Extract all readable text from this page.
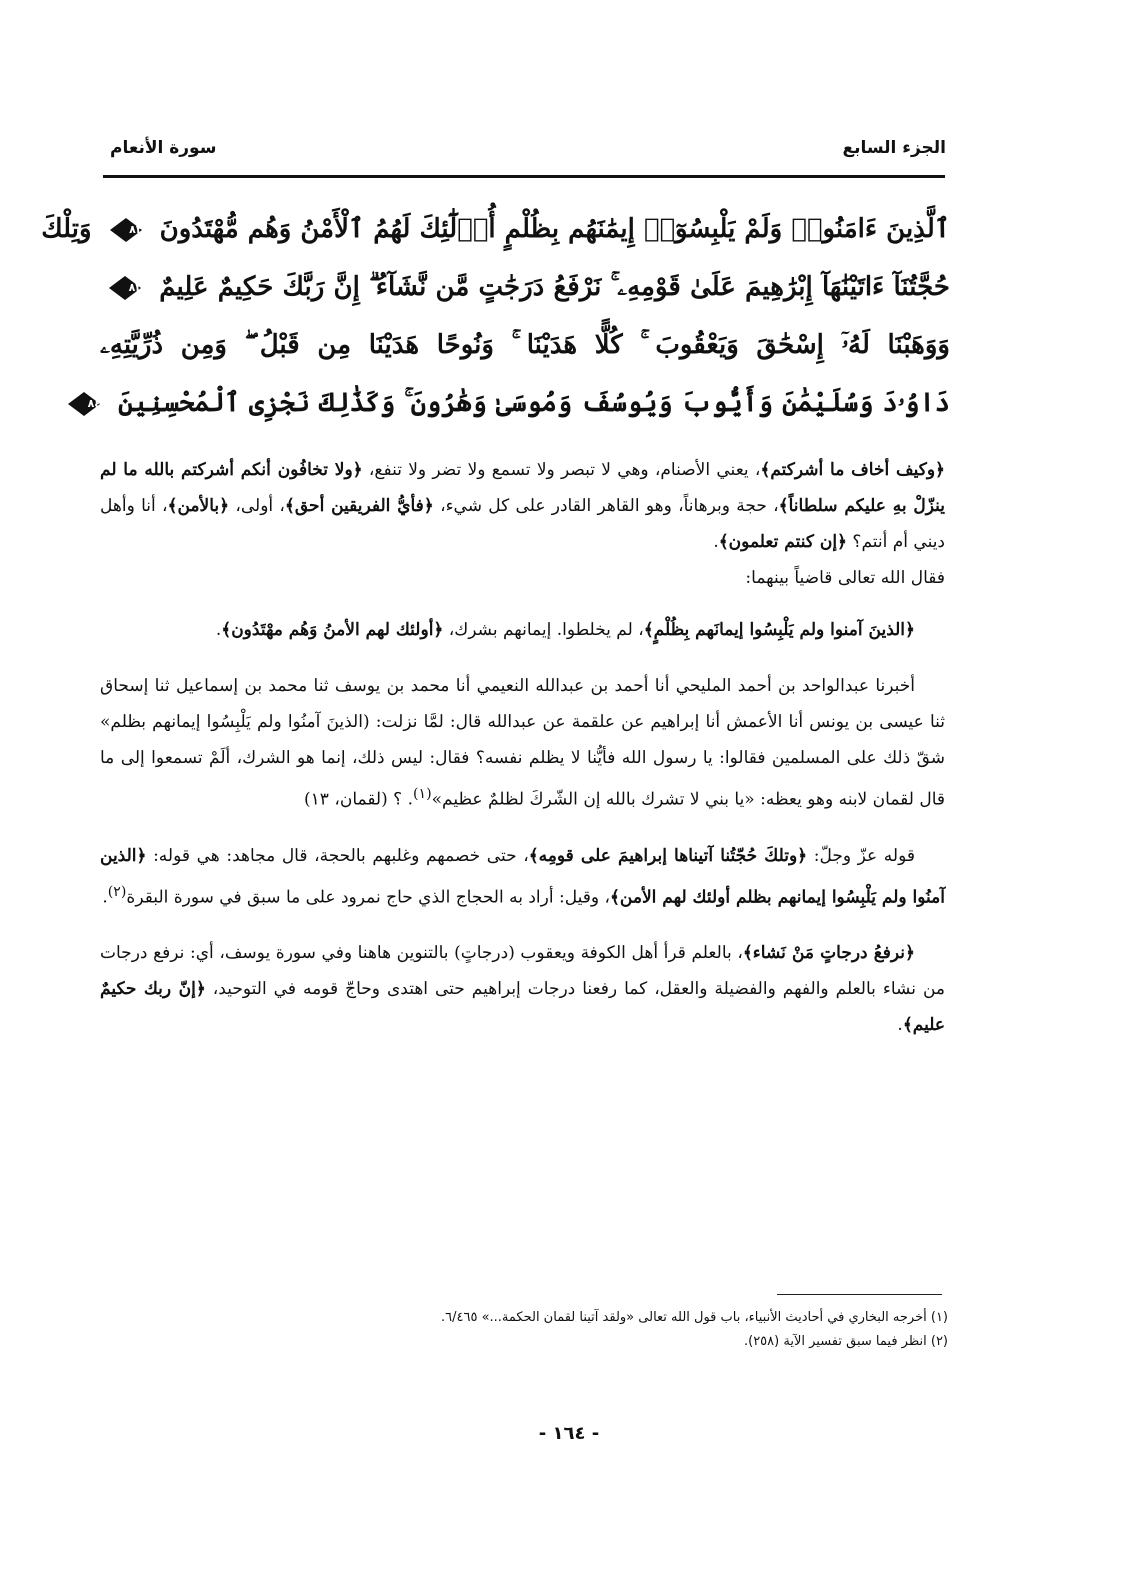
الجزء السابع
سورة الأنعام
ٱلَّذِينَ ءَامَنُوا۟ وَلَمْ يَلْبِسُوٓا۟ إِيمَٰنَهُم بِظُلْمٍ أُو۟لَٰٓئِكَ لَهُمُ ٱلْأَمْنُ وَهُم مُّهْتَدُونَ
٨٢
وَتِلْكَ
حُجَّتُنَآ ءَاتَيْنَٰهَآ إِبْرَٰهِيمَ عَلَىٰ قَوْمِهِۦ ۚ نَرْفَعُ دَرَجَٰتٍ مَّن نَّشَآءُ ۗ إِنَّ رَبَّكَ حَكِيمٌ عَلِيمٌ
٨٣
وَوَهَبْنَا لَهُۥٓ إِسْحَٰقَ وَيَعْقُوبَ ۚ كُلًّا هَدَيْنَا ۚ وَنُوحًا هَدَيْنَا مِن قَبْلُ ۖ وَمِن ذُرِّيَّتِهِۦ
دَاوُۥدَ وَسُلَيْمَٰنَ وَأَيُّوبَ وَيُوسُفَ وَمُوسَىٰ وَهَٰرُونَ ۚ وَكَذَٰلِكَ نَجْزِى ٱلْمُحْسِنِينَ
٨٤

﴿وكيف أخاف ما أشركتم﴾، يعني الأصنام، وهي لا تبصر ولا تسمع ولا تضر ولا تنفع، ﴿ولا تخافُون أنكم أشركتم بالله ما لم ينزّلْ بهِ عليكم سلطاناً﴾، حجة وبرهاناً، وهو القاهر القادر على كل شيء، ﴿فأيُّ الفريقين أحق﴾، أولى، ﴿بالأمن﴾، أنا وأهل ديني أم أنتم؟ ﴿إن كنتم تعلمون﴾.
فقال الله تعالى قاضياً بينهما:

﴿الذينَ آمنوا ولم يَلْبِسُوا إيمانَهم بِظُلْمٍ﴾، لم يخلطوا. إيمانهم بشرك، ﴿أولئك لهم الأمنُ وَهُم مهْتَدُون﴾.

أخبرنا عبدالواحد بن أحمد المليحي أنا أحمد بن عبدالله النعيمي أنا محمد بن يوسف ثنا محمد بن إسماعيل ثنا إسحاق ثنا عيسى بن يونس أنا الأعمش أنا إبراهيم عن علقمة عن عبدالله قال: لمَّا نزلت: (الذينَ آمنُوا ولم يَلْبِسُوا إيمانهم بظلم» شقّ ذلك على المسلمين فقالوا: يا رسول الله فأيُّنا لا يظلم نفسه؟ فقال: ليس ذلك، إنما هو الشرك، ألَمْ تسمعوا إلى ما قال لقمان لابنه وهو يعظه: «يا بني لا تشرك بالله إن الشّركَ لظلمٌ عظيم»$^{(١)}$. ؟ (لقمان، ١٣)

قوله عزّ وجلّ: ﴿وتلكَ حُجّتُنا آتيناها إبراهيمَ على قومِه﴾، حتى خصمهم وغلبهم بالحجة، قال مجاهد: هي قوله: ﴿الذين آمنُوا ولم يَلْبِسُوا إيمانهم بظلم أولئك لهم الأمن﴾، وقيل: أراد به الحجاج الذي حاج نمرود على ما سبق في سورة البقرة$^{(٢)}$.

﴿نرفعُ درجاتٍ مَنْ نَشاء﴾، بالعلم قرأ أهل الكوفة ويعقوب (درجاتٍ) بالتنوين هاهنا وفي سورة يوسف، أي: نرفع درجات من نشاء بالعلم والفهم والفضيلة والعقل، كما رفعنا درجات إبراهيم حتى اهتدى وحاجّ قومه في التوحيد، ﴿إنّ ربك حكيمٌ عليم﴾.

(١) أخرجه البخاري في أحاديث الأنبياء، باب قول الله تعالى «ولقد آتينا لقمان الحكمة...» ٦/٤٦٥.

(٢) انظر فيما سبق تفسير الآية (٢٥٨).

- ١٦٤ -
